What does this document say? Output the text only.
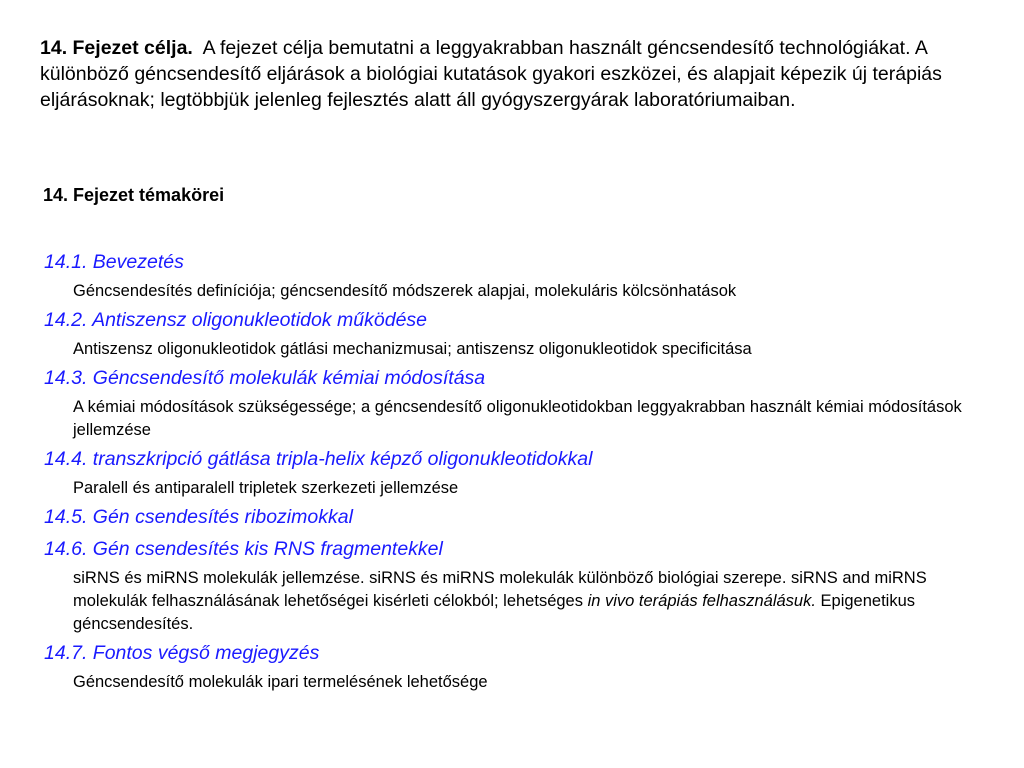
14. Fejezet célja. A fejezet célja bemutatni a leggyakrabban használt géncsendesítő technológiákat. A különböző géncsendesítő eljárások a biológiai kutatások gyakori eszközei, és alapjait képezik új terápiás eljárásoknak; legtöbbjük jelenleg fejlesztés alatt áll gyógyszergyárak laboratóriumaiban.
14. Fejezet témakörei
14.1. Bevezetés
Géncsendesítés definíciója; géncsendesítő módszerek alapjai, molekuláris kölcsönhatások
14.2. Antiszensz oligonukleotidok működése
Antiszensz oligonukleotidok gátlási mechanizmusai; antiszensz oligonukleotidok specificitása
14.3. Géncsendesítő molekulák kémiai módosítása
A kémiai módosítások szükségessége; a géncsendesítő oligonukleotidokban leggyakrabban használt kémiai módosítások jellemzése
14.4. transzkripció gátlása tripla-helix képző oligonukleotidokkal
Paralell és antiparalell tripletek szerkezeti jellemzése
14.5. Gén csendesítés ribozimokkal
14.6. Gén csendesítés kis RNS fragmentekkel
siRNS és miRNS molekulák jellemzése. siRNS és miRNS molekulák különböző biológiai szerepe. siRNS and miRNS molekulák felhasználásának lehetőségei kisérleti célokból; lehetséges in vivo terápiás felhasználásuk. Epigenetikus géncsendesítés.
14.7. Fontos végső megjegyzés
Géncsendesítő molekulák ipari termelésének lehetősége
